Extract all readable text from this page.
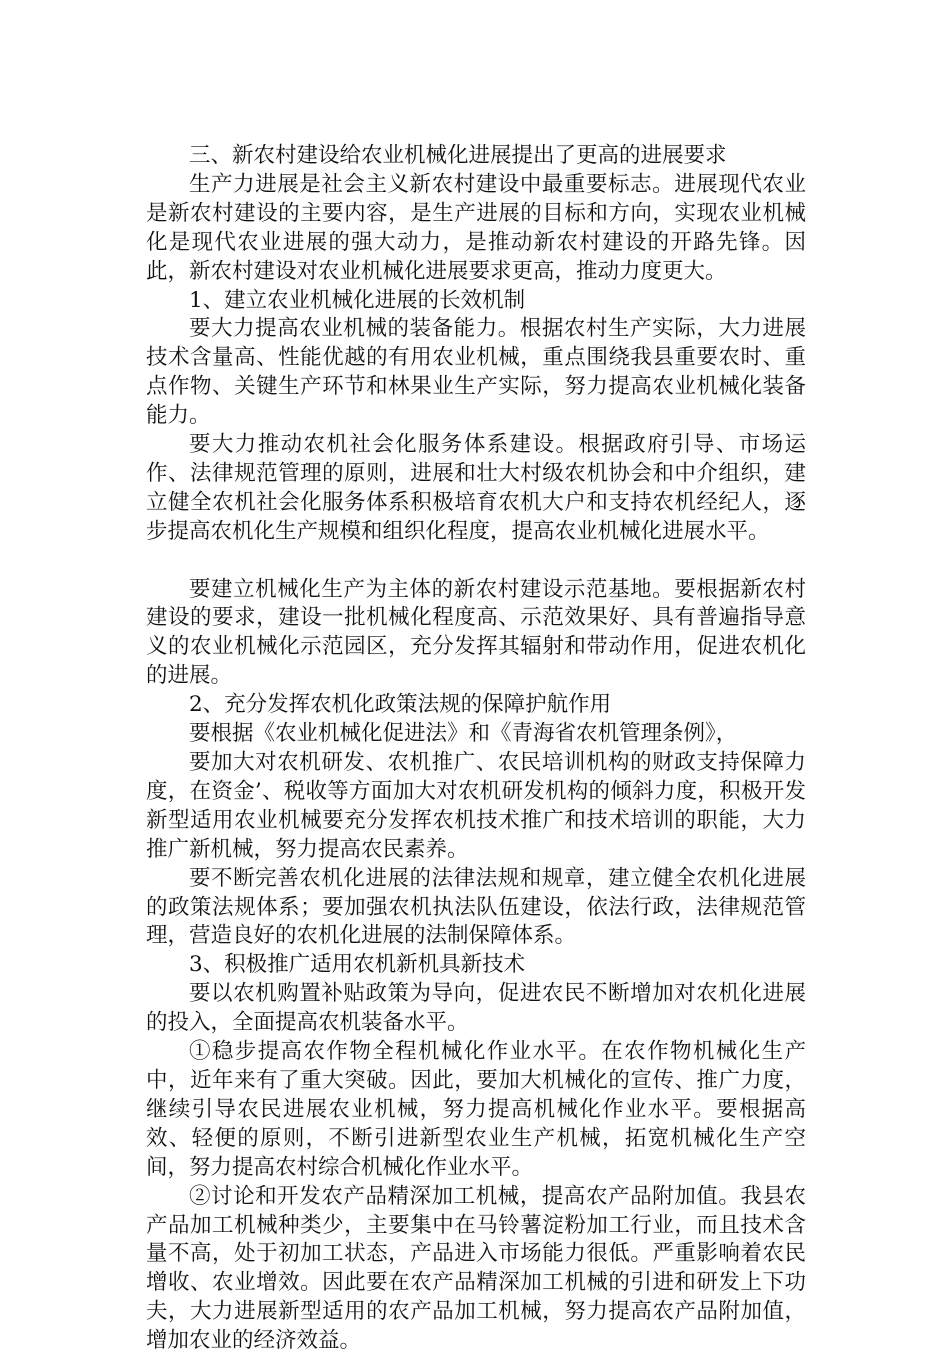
三、新农村建设给农业机械化进展提出了更高的进展要求

生产力进展是社会主义新农村建设中最重要标志。进展现代农业是新农村建设的主要内容，是生产进展的目标和方向，实现农业机械化是现代农业进展的强大动力，是推动新农村建设的开路先锋。因此，新农村建设对农业机械化进展要求更高，推动力度更大。

1、建立农业机械化进展的长效机制

要大力提高农业机械的装备能力。根据农村生产实际，大力进展技术含量高、性能优越的有用农业机械，重点围绕我县重要农时、重点作物、关键生产环节和林果业生产实际，努力提高农业机械化装备能力。

要大力推动农机社会化服务体系建设。根据政府引导、市场运作、法律规范管理的原则，进展和壮大村级农机协会和中介组织，建立健全农机社会化服务体系积极培育农机大户和支持农机经纪人，逐步提高农机化生产规模和组织化程度，提高农业机械化进展水平。

要建立机械化生产为主体的新农村建设示范基地。要根据新农村建设的要求，建设一批机械化程度高、示范效果好、具有普遍指导意义的农业机械化示范园区，充分发挥其辐射和带动作用，促进农机化的进展。

2、充分发挥农机化政策法规的保障护航作用

要根据《农业机械化促进法》和《青海省农机管理条例》，

要加大对农机研发、农机推广、农民培训机构的财政支持保障力度，在资金’、税收等方面加大对农机研发机构的倾斜力度，积极开发新型适用农业机械要充分发挥农机技术推广和技术培训的职能，大力推广新机械，努力提高农民素养。

要不断完善农机化进展的法律法规和规章，建立健全农机化进展的政策法规体系；要加强农机执法队伍建设，依法行政，法律规范管理，营造良好的农机化进展的法制保障体系。

3、积极推广适用农机新机具新技术

要以农机购置补贴政策为导向，促进农民不断增加对农机化进展的投入，全面提高农机装备水平。

①稳步提高农作物全程机械化作业水平。在农作物机械化生产中，近年来有了重大突破。因此，要加大机械化的宣传、推广力度，继续引导农民进展农业机械，努力提高机械化作业水平。要根据高效、轻便的原则，不断引进新型农业生产机械，拓宽机械化生产空间，努力提高农村综合机械化作业水平。

②讨论和开发农产品精深加工机械，提高农产品附加值。我县农产品加工机械种类少，主要集中在马铃薯淀粉加工行业，而且技术含量不高，处于初加工状态，产品进入市场能力很低。严重影响着农民增收、农业增效。因此要在农产品精深加工机械的引进和研发上下功夫，大力进展新型适用的农产品加工机械，努力提高农产品附加值，增加农业的经济效益。
